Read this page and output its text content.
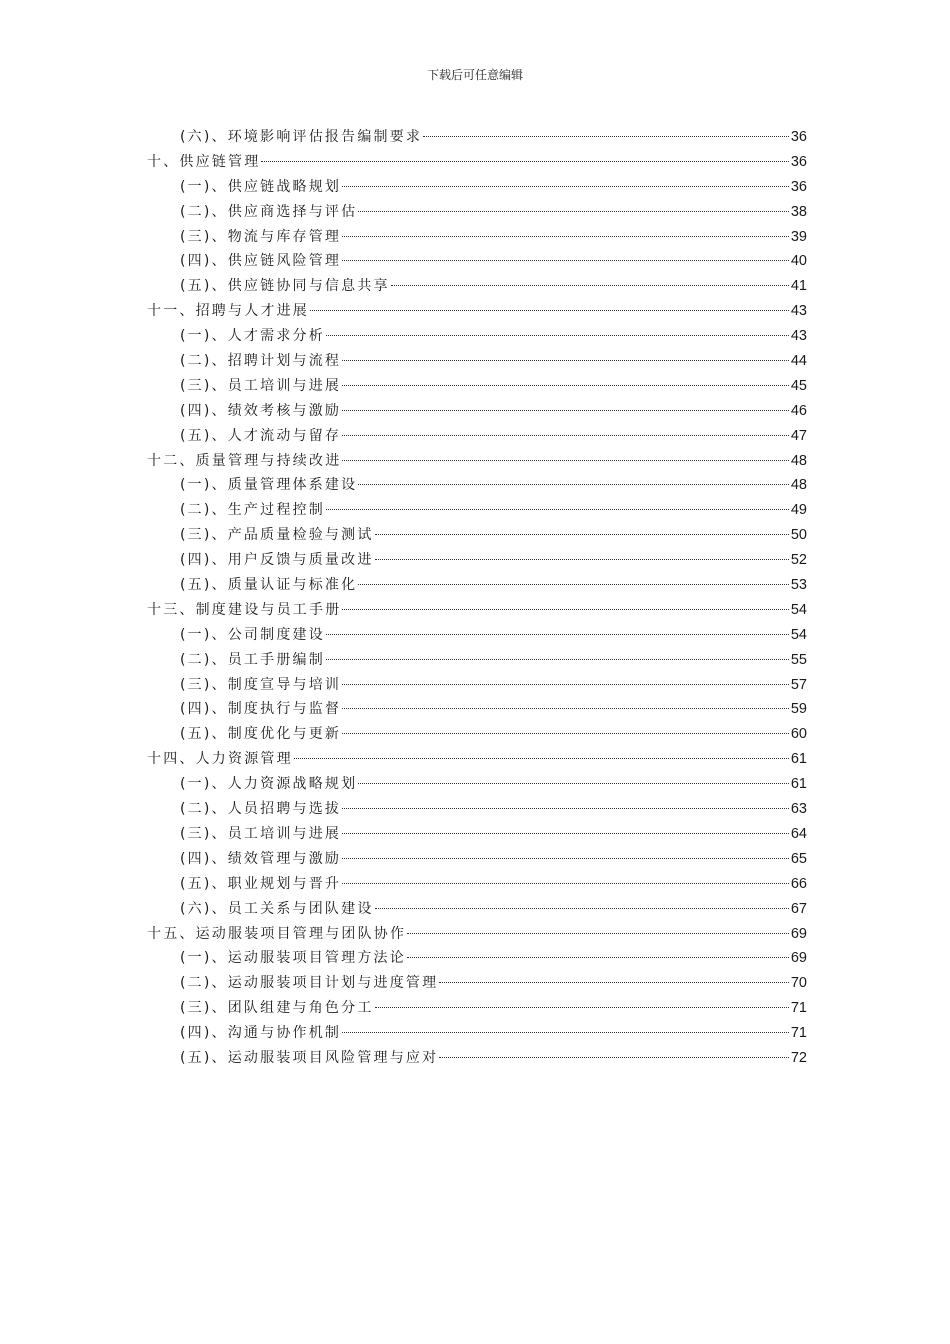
下载后可任意编辑
(六)、环境影响评估报告编制要求	36
十、供应链管理	36
(一)、供应链战略规划	36
(二)、供应商选择与评估	38
(三)、物流与库存管理	39
(四)、供应链风险管理	40
(五)、供应链协同与信息共享	41
十一、招聘与人才进展	43
(一)、人才需求分析	43
(二)、招聘计划与流程	44
(三)、员工培训与进展	45
(四)、绩效考核与激励	46
(五)、人才流动与留存	47
十二、质量管理与持续改进	48
(一)、质量管理体系建设	48
(二)、生产过程控制	49
(三)、产品质量检验与测试	50
(四)、用户反馈与质量改进	52
(五)、质量认证与标准化	53
十三、制度建设与员工手册	54
(一)、公司制度建设	54
(二)、员工手册编制	55
(三)、制度宣导与培训	57
(四)、制度执行与监督	59
(五)、制度优化与更新	60
十四、人力资源管理	61
(一)、人力资源战略规划	61
(二)、人员招聘与选拔	63
(三)、员工培训与进展	64
(四)、绩效管理与激励	65
(五)、职业规划与晋升	66
(六)、员工关系与团队建设	67
十五、运动服装项目管理与团队协作	69
(一)、运动服装项目管理方法论	69
(二)、运动服装项目计划与进度管理	70
(三)、团队组建与角色分工	71
(四)、沟通与协作机制	71
(五)、运动服装项目风险管理与应对	72
